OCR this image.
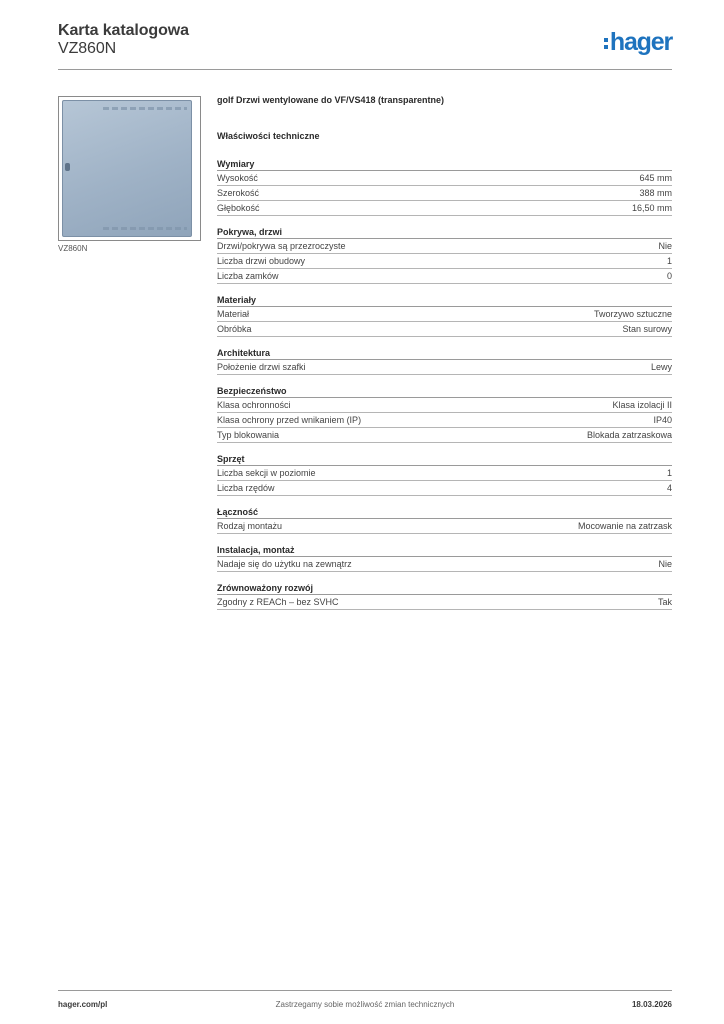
Karta katalogowa
VZ860N	hager
VZ860N
golf Drzwi wentylowane do VF/VS418 (transparentne)
Właściwości techniczne
Wymiary
Wysokość	645 mm
Szerokość	388 mm
Głębokość	16,50 mm
Pokrywa, drzwi
Drzwi/pokrywa są przezroczyste	Nie
Liczba drzwi obudowy	1
Liczba zamków	0
Materiały
Materiał	Tworzywo sztuczne
Obróbka	Stan surowy
Architektura
Położenie drzwi szafki	Lewy
Bezpieczeństwo
Klasa ochronności	Klasa izolacji II
Klasa ochrony przed wnikaniem (IP)	IP40
Typ blokowania	Blokada zatrzaskowa
Sprzęt
Liczba sekcji w poziomie	1
Liczba rzędów	4
Łączność
Rodzaj montażu	Mocowanie na zatrzask
Instalacja, montaż
Nadaje się do użytku na zewnątrz	Nie
Zrównoważony rozwój
Zgodny z REACh – bez SVHC	Tak
hager.com/pl	Zastrzegamy sobie możliwość zmian technicznych	18.03.2026
